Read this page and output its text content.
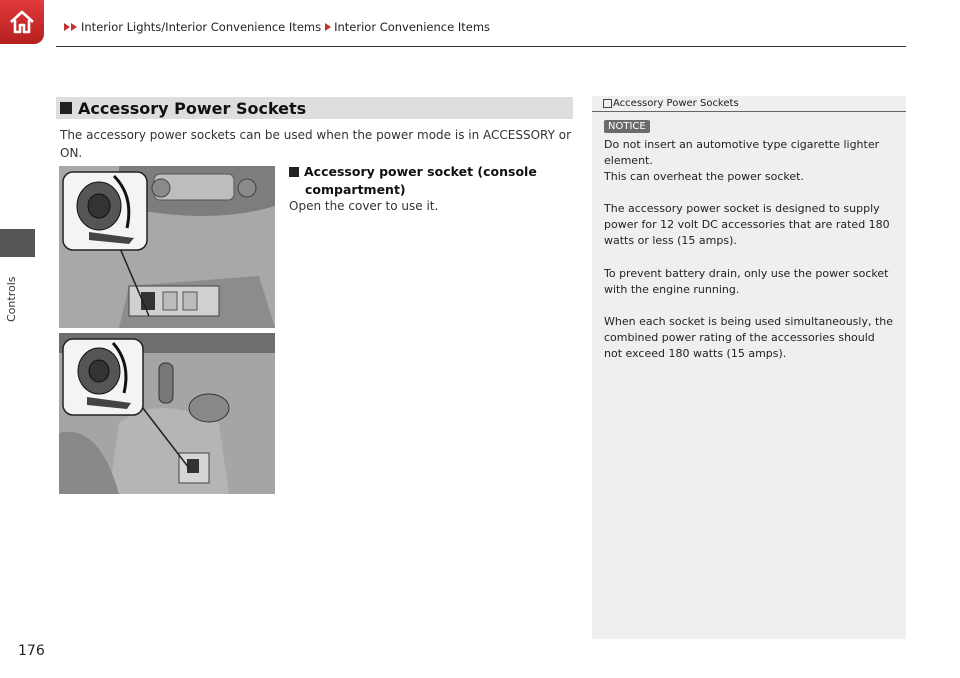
Interior Lights/Interior Convenience Items Interior Convenience Items
Controls
176
Accessory Power Sockets
The accessory power sockets can be used when the power mode is in ACCESSORY or ON.
Accessory power socket (console
compartment)
Open the cover to use it.
Accessory Power Sockets
NOTICE
Do not insert an automotive type cigarette lighter element.
This can overheat the power socket.
The accessory power socket is designed to supply power for 12 volt DC accessories that are rated 180 watts or less (15 amps).
To prevent battery drain, only use the power socket with the engine running.
When each socket is being used simultaneously, the combined power rating of the accessories should not exceed 180 watts (15 amps).
